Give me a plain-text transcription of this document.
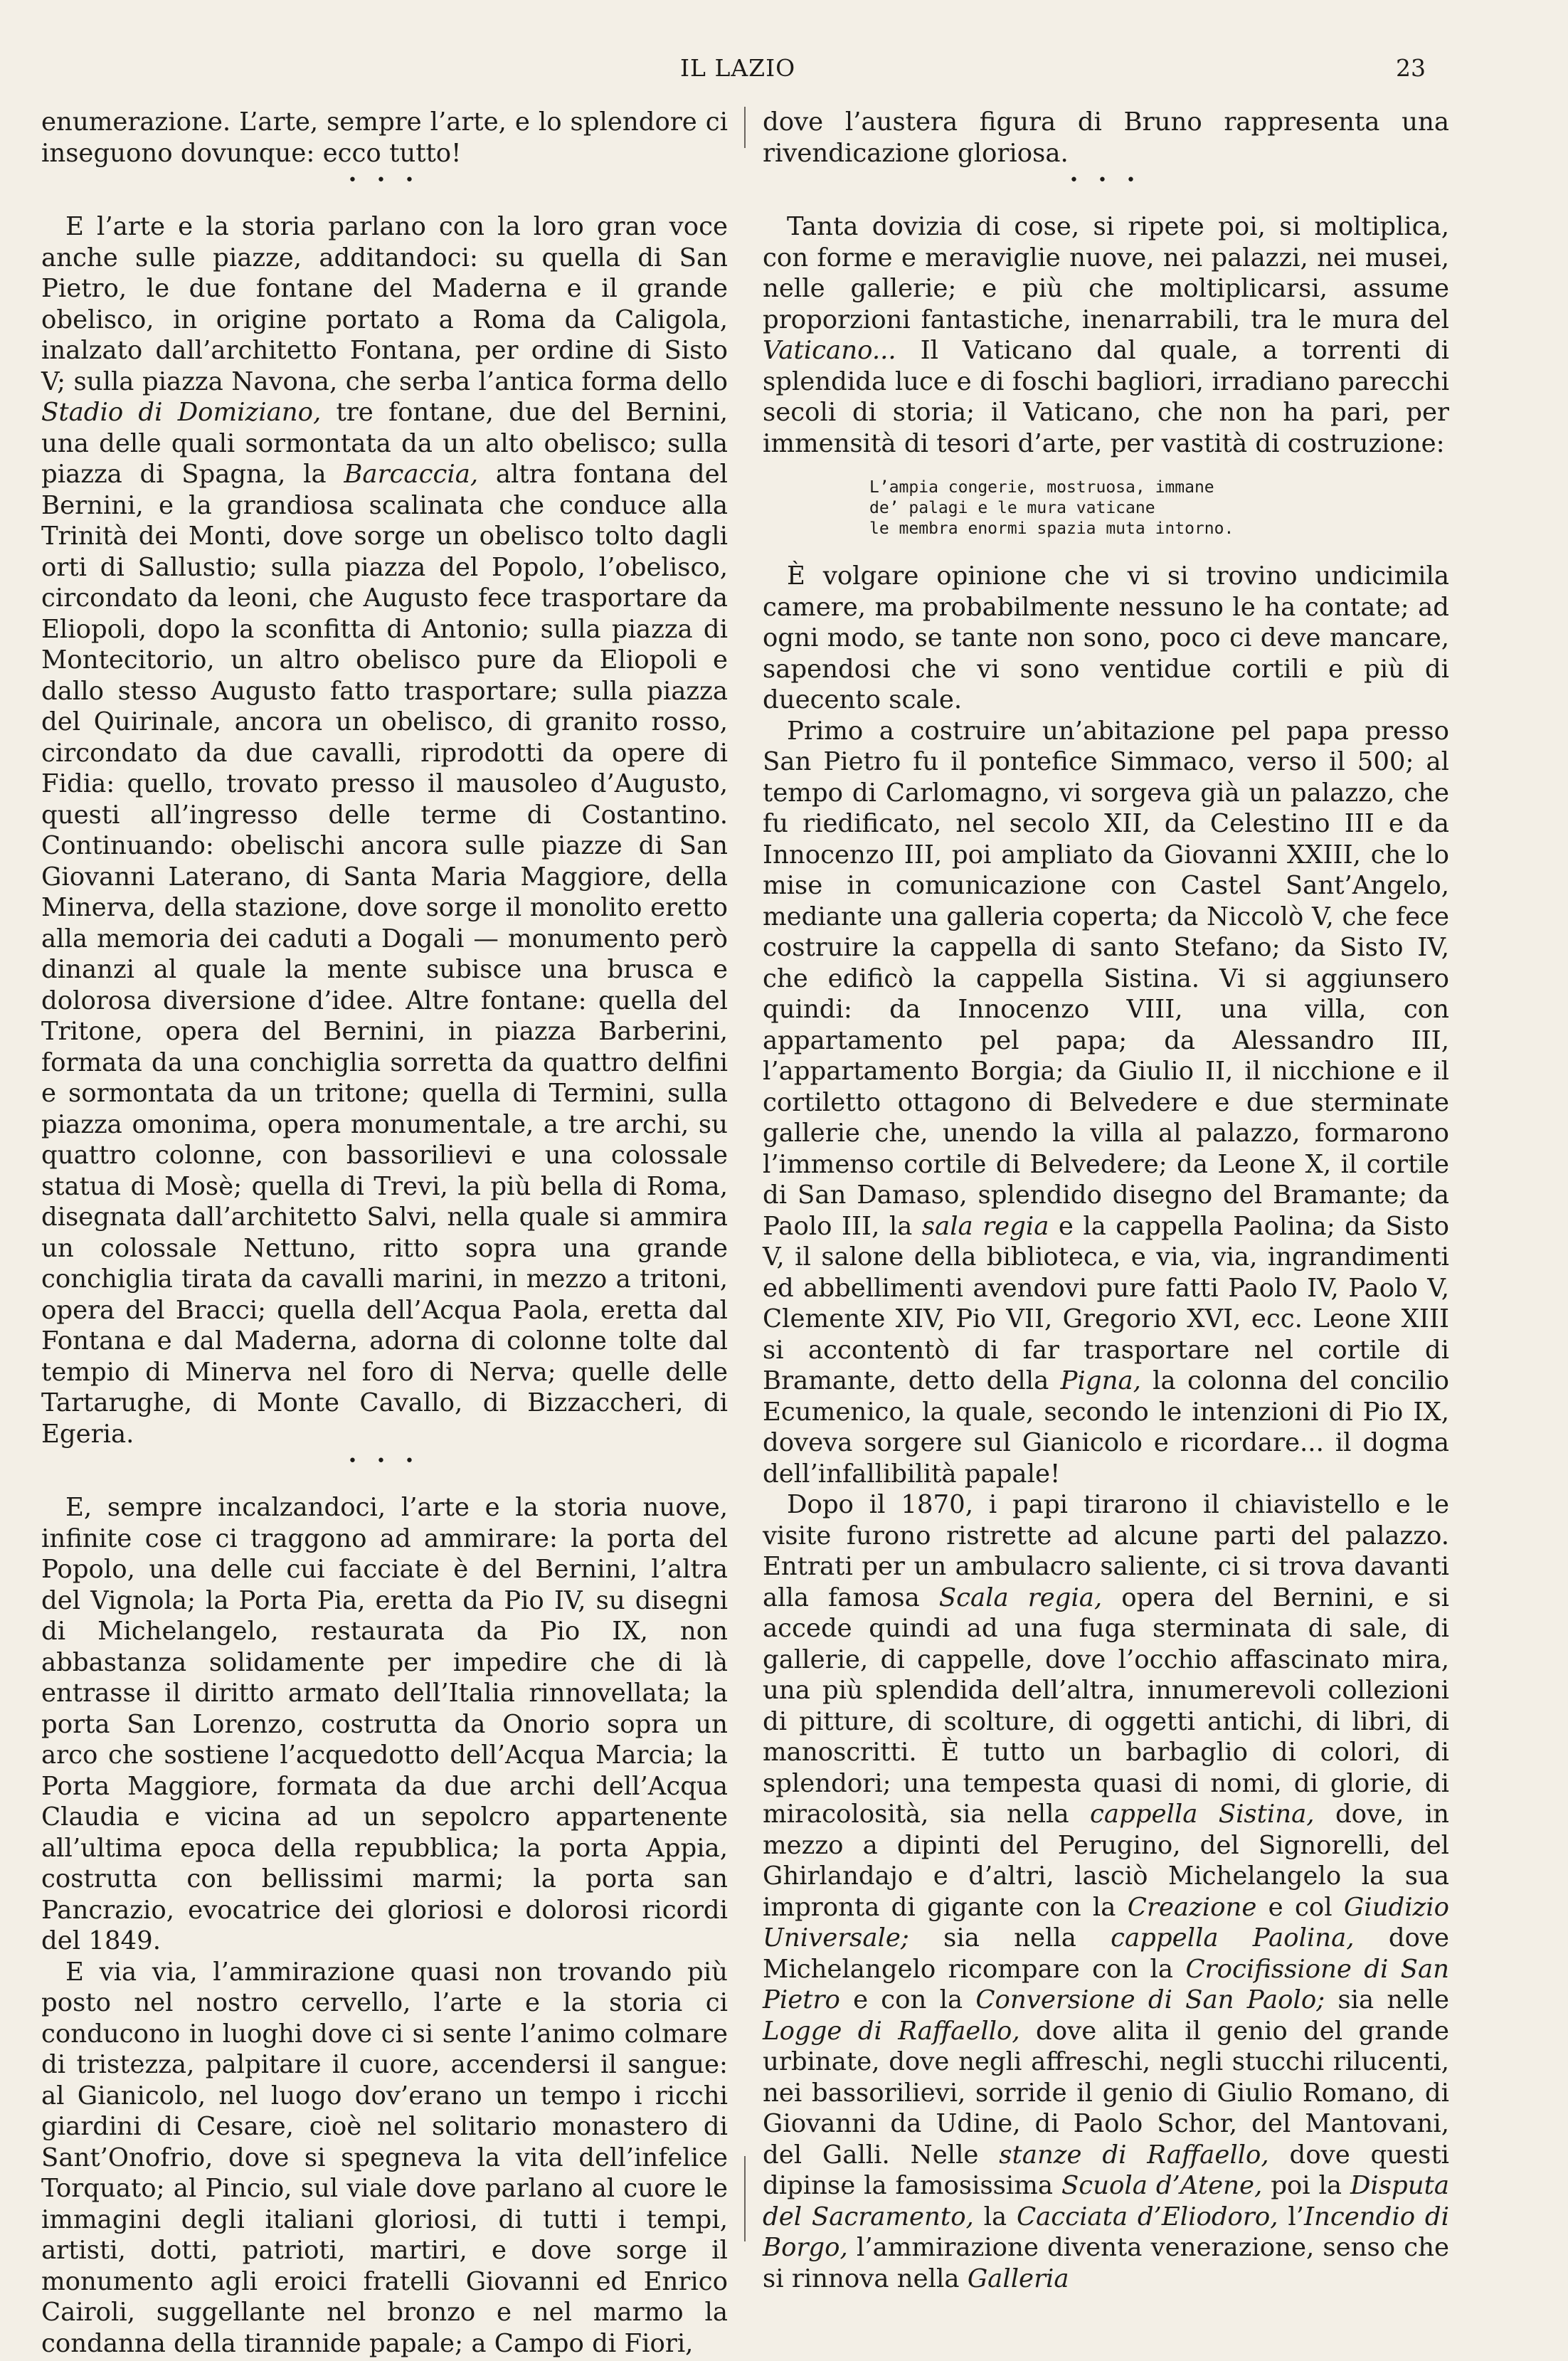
IL LAZIO	23

enumerazione. L’arte, sempre l’arte, e lo splendore ci inseguono dovunque: ecco tutto!

• • •

E l’arte e la storia parlano con la loro gran voce anche sulle piazze, additandoci: su quella di San Pietro, le due fontane del Maderna e il grande obelisco, in origine portato a Roma da Caligola, inalzato dall’architetto Fontana, per ordine di Sisto V; sulla piazza Navona, che serba l’antica forma dello Stadio di Domiziano, tre fontane, due del Bernini, una delle quali sormontata da un alto obelisco; sulla piazza di Spagna, la Barcaccia, altra fontana del Bernini, e la grandiosa scalinata che conduce alla Trinità dei Monti, dove sorge un obelisco tolto dagli orti di Sallustio; sulla piazza del Popolo, l’obelisco, circondato da leoni, che Augusto fece trasportare da Eliopoli, dopo la sconfitta di Antonio; sulla piazza di Montecitorio, un altro obelisco pure da Eliopoli e dallo stesso Augusto fatto trasportare; sulla piazza del Quirinale, ancora un obelisco, di granito rosso, circondato da due cavalli, riprodotti da opere di Fidia: quello, trovato presso il mausoleo d’Augusto, questi all’ingresso delle terme di Costantino. Continuando: obelischi ancora sulle piazze di San Giovanni Laterano, di Santa Maria Maggiore, della Minerva, della stazione, dove sorge il monolito eretto alla memoria dei caduti a Dogali — monumento però dinanzi al quale la mente subisce una brusca e dolorosa diversione d’idee. Altre fontane: quella del Tritone, opera del Bernini, in piazza Barberini, formata da una conchiglia sorretta da quattro delfini e sormontata da un tritone; quella di Termini, sulla piazza omonima, opera monumentale, a tre archi, su quattro colonne, con bassorilievi e una colossale statua di Mosè; quella di Trevi, la più bella di Roma, disegnata dall’architetto Salvi, nella quale si ammira un colossale Nettuno, ritto sopra una grande conchiglia tirata da cavalli marini, in mezzo a tritoni, opera del Bracci; quella dell’Acqua Paola, eretta dal Fontana e dal Maderna, adorna di colonne tolte dal tempio di Minerva nel foro di Nerva; quelle delle Tartarughe, di Monte Cavallo, di Bizzaccheri, di Egeria.

• • •

E, sempre incalzandoci, l’arte e la storia nuove, infinite cose ci traggono ad ammirare: la porta del Popolo, una delle cui facciate è del Bernini, l’altra del Vignola; la Porta Pia, eretta da Pio IV, su disegni di Michelangelo, restaurata da Pio IX, non abbastanza solidamente per impedire che di là entrasse il diritto armato dell’Italia rinnovellata; la porta San Lorenzo, costrutta da Onorio sopra un arco che sostiene l’acquedotto dell’Acqua Marcia; la Porta Maggiore, formata da due archi dell’Acqua Claudia e vicina ad un sepolcro appartenente all’ultima epoca della repubblica; la porta Appia, costrutta con bellissimi marmi; la porta san Pancrazio, evocatrice dei gloriosi e dolorosi ricordi del 1849.

E via via, l’ammirazione quasi non trovando più posto nel nostro cervello, l’arte e la storia ci conducono in luoghi dove ci si sente l’animo colmare di tristezza, palpitare il cuore, accendersi il sangue: al Gianicolo, nel luogo dov’erano un tempo i ricchi giardini di Cesare, cioè nel solitario monastero di Sant’Onofrio, dove si spegneva la vita dell’infelice Torquato; al Pincio, sul viale dove parlano al cuore le immagini degli italiani gloriosi, di tutti i tempi, artisti, dotti, patrioti, martiri, e dove sorge il monumento agli eroici fratelli Giovanni ed Enrico Cairoli, suggellante nel bronzo e nel marmo la condanna della tirannide papale; a Campo di Fiori,

dove l’austera figura di Bruno rappresenta una rivendicazione gloriosa.

• • •

Tanta dovizia di cose, si ripete poi, si moltiplica, con forme e meraviglie nuove, nei palazzi, nei musei, nelle gallerie; e più che moltiplicarsi, assume proporzioni fantastiche, inenarrabili, tra le mura del Vaticano... Il Vaticano dal quale, a torrenti di splendida luce e di foschi bagliori, irradiano parecchi secoli di storia; il Vaticano, che non ha pari, per immensità di tesori d’arte, per vastità di costruzione:

L’ampia congerie, mostruosa, immane
de’ palagi e le mura vaticane
le membra enormi spazia muta intorno.

È volgare opinione che vi si trovino undicimila camere, ma probabilmente nessuno le ha contate; ad ogni modo, se tante non sono, poco ci deve mancare, sapendosi che vi sono ventidue cortili e più di duecento scale.

Primo a costruire un’abitazione pel papa presso San Pietro fu il pontefice Simmaco, verso il 500; al tempo di Carlomagno, vi sorgeva già un palazzo, che fu riedificato, nel secolo XII, da Celestino III e da Innocenzo III, poi ampliato da Giovanni XXIII, che lo mise in comunicazione con Castel Sant’Angelo, mediante una galleria coperta; da Niccolò V, che fece costruire la cappella di santo Stefano; da Sisto IV, che edificò la cappella Sistina. Vi si aggiunsero quindi: da Innocenzo VIII, una villa, con appartamento pel papa; da Alessandro III, l’appartamento Borgia; da Giulio II, il nicchione e il cortiletto ottagono di Belvedere e due sterminate gallerie che, unendo la villa al palazzo, formarono l’immenso cortile di Belvedere; da Leone X, il cortile di San Damaso, splendido disegno del Bramante; da Paolo III, la sala regia e la cappella Paolina; da Sisto V, il salone della biblioteca, e via, via, ingrandimenti ed abbellimenti avendovi pure fatti Paolo IV, Paolo V, Clemente XIV, Pio VII, Gregorio XVI, ecc. Leone XIII si accontentò di far trasportare nel cortile di Bramante, detto della Pigna, la colonna del concilio Ecumenico, la quale, secondo le intenzioni di Pio IX, doveva sorgere sul Gianicolo e ricordare... il dogma dell’infallibilità papale!

Dopo il 1870, i papi tirarono il chiavistello e le visite furono ristrette ad alcune parti del palazzo. Entrati per un ambulacro saliente, ci si trova davanti alla famosa Scala regia, opera del Bernini, e si accede quindi ad una fuga sterminata di sale, di gallerie, di cappelle, dove l’occhio affascinato mira, una più splendida dell’altra, innumerevoli collezioni di pitture, di scolture, di oggetti antichi, di libri, di manoscritti. È tutto un barbaglio di colori, di splendori; una tempesta quasi di nomi, di glorie, di miracolosità, sia nella cappella Sistina, dove, in mezzo a dipinti del Perugino, del Signorelli, del Ghirlandajo e d’altri, lasciò Michelangelo la sua impronta di gigante con la Creazione e col Giudizio Universale; sia nella cappella Paolina, dove Michelangelo ricompare con la Crocifissione di San Pietro e con la Conversione di San Paolo; sia nelle Logge di Raffaello, dove alita il genio del grande urbinate, dove negli affreschi, negli stucchi rilucenti, nei bassorilievi, sorride il genio di Giulio Romano, di Giovanni da Udine, di Paolo Schor, del Mantovani, del Galli. Nelle stanze di Raffaello, dove questi dipinse la famosissima Scuola d’Atene, poi la Disputa del Sacramento, la Cacciata d’Eliodoro, l’Incendio di Borgo, l’ammirazione diventa venerazione, senso che si rinnova nella Galleria
